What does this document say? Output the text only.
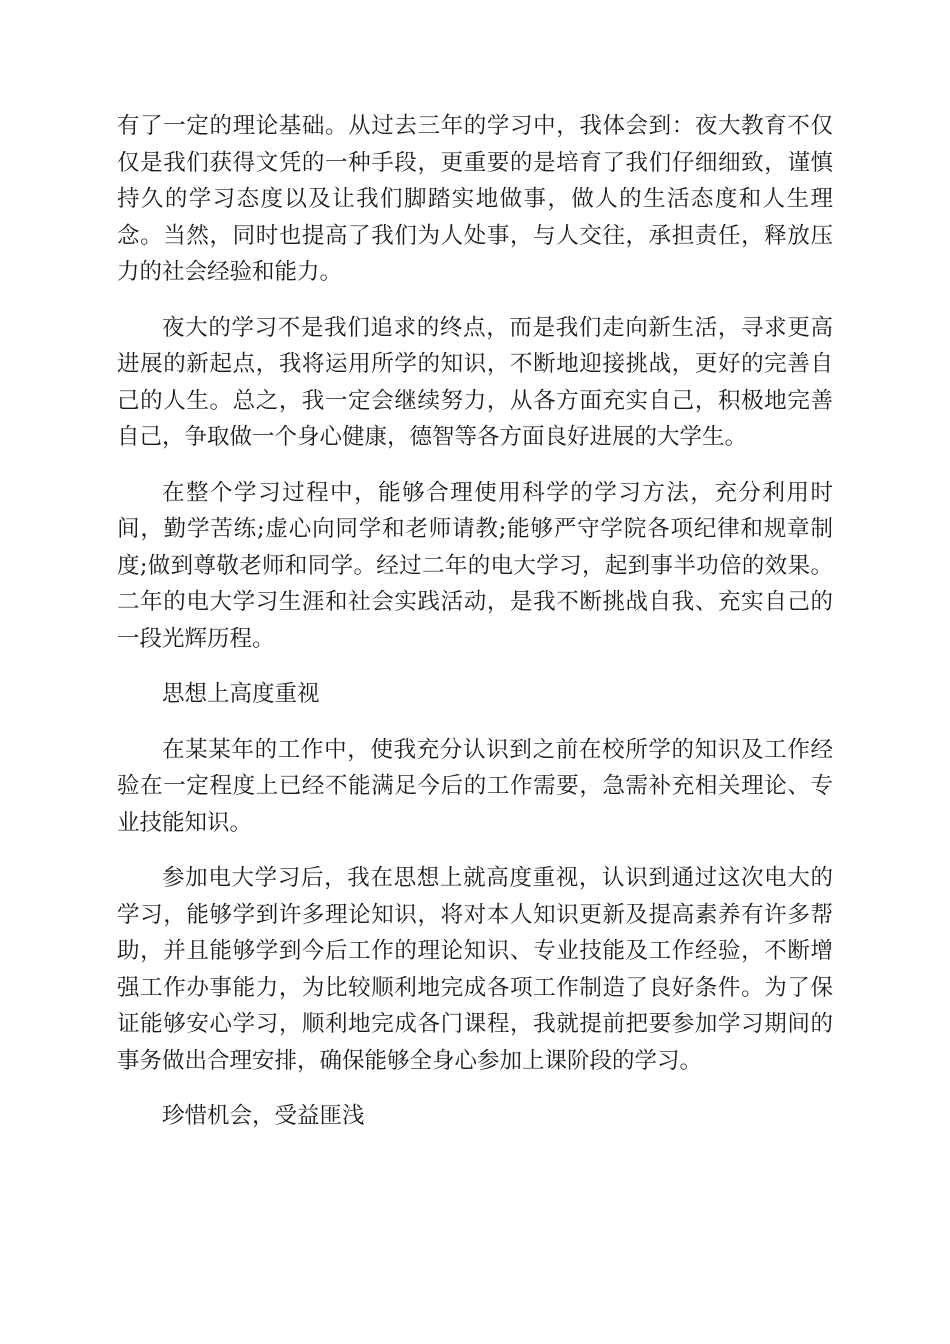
有了一定的理论基础。从过去三年的学习中，我体会到：夜大教育不仅仅是我们获得文凭的一种手段，更重要的是培育了我们仔细细致，谨慎持久的学习态度以及让我们脚踏实地做事，做人的生活态度和人生理念。当然，同时也提高了我们为人处事，与人交往，承担责任，释放压力的社会经验和能力。

夜大的学习不是我们追求的终点，而是我们走向新生活，寻求更高进展的新起点，我将运用所学的知识，不断地迎接挑战，更好的完善自己的人生。总之，我一定会继续努力，从各方面充实自己，积极地完善自己，争取做一个身心健康，德智等各方面良好进展的大学生。

在整个学习过程中，能够合理使用科学的学习方法，充分利用时间，勤学苦练;虚心向同学和老师请教;能够严守学院各项纪律和规章制度;做到尊敬老师和同学。经过二年的电大学习，起到事半功倍的效果。二年的电大学习生涯和社会实践活动，是我不断挑战自我、充实自己的一段光辉历程。

思想上高度重视

在某某年的工作中，使我充分认识到之前在校所学的知识及工作经验在一定程度上已经不能满足今后的工作需要，急需补充相关理论、专业技能知识。

参加电大学习后，我在思想上就高度重视，认识到通过这次电大的学习，能够学到许多理论知识，将对本人知识更新及提高素养有许多帮助，并且能够学到今后工作的理论知识、专业技能及工作经验，不断增强工作办事能力，为比较顺利地完成各项工作制造了良好条件。为了保证能够安心学习，顺利地完成各门课程，我就提前把要参加学习期间的事务做出合理安排，确保能够全身心参加上课阶段的学习。

珍惜机会，受益匪浅
